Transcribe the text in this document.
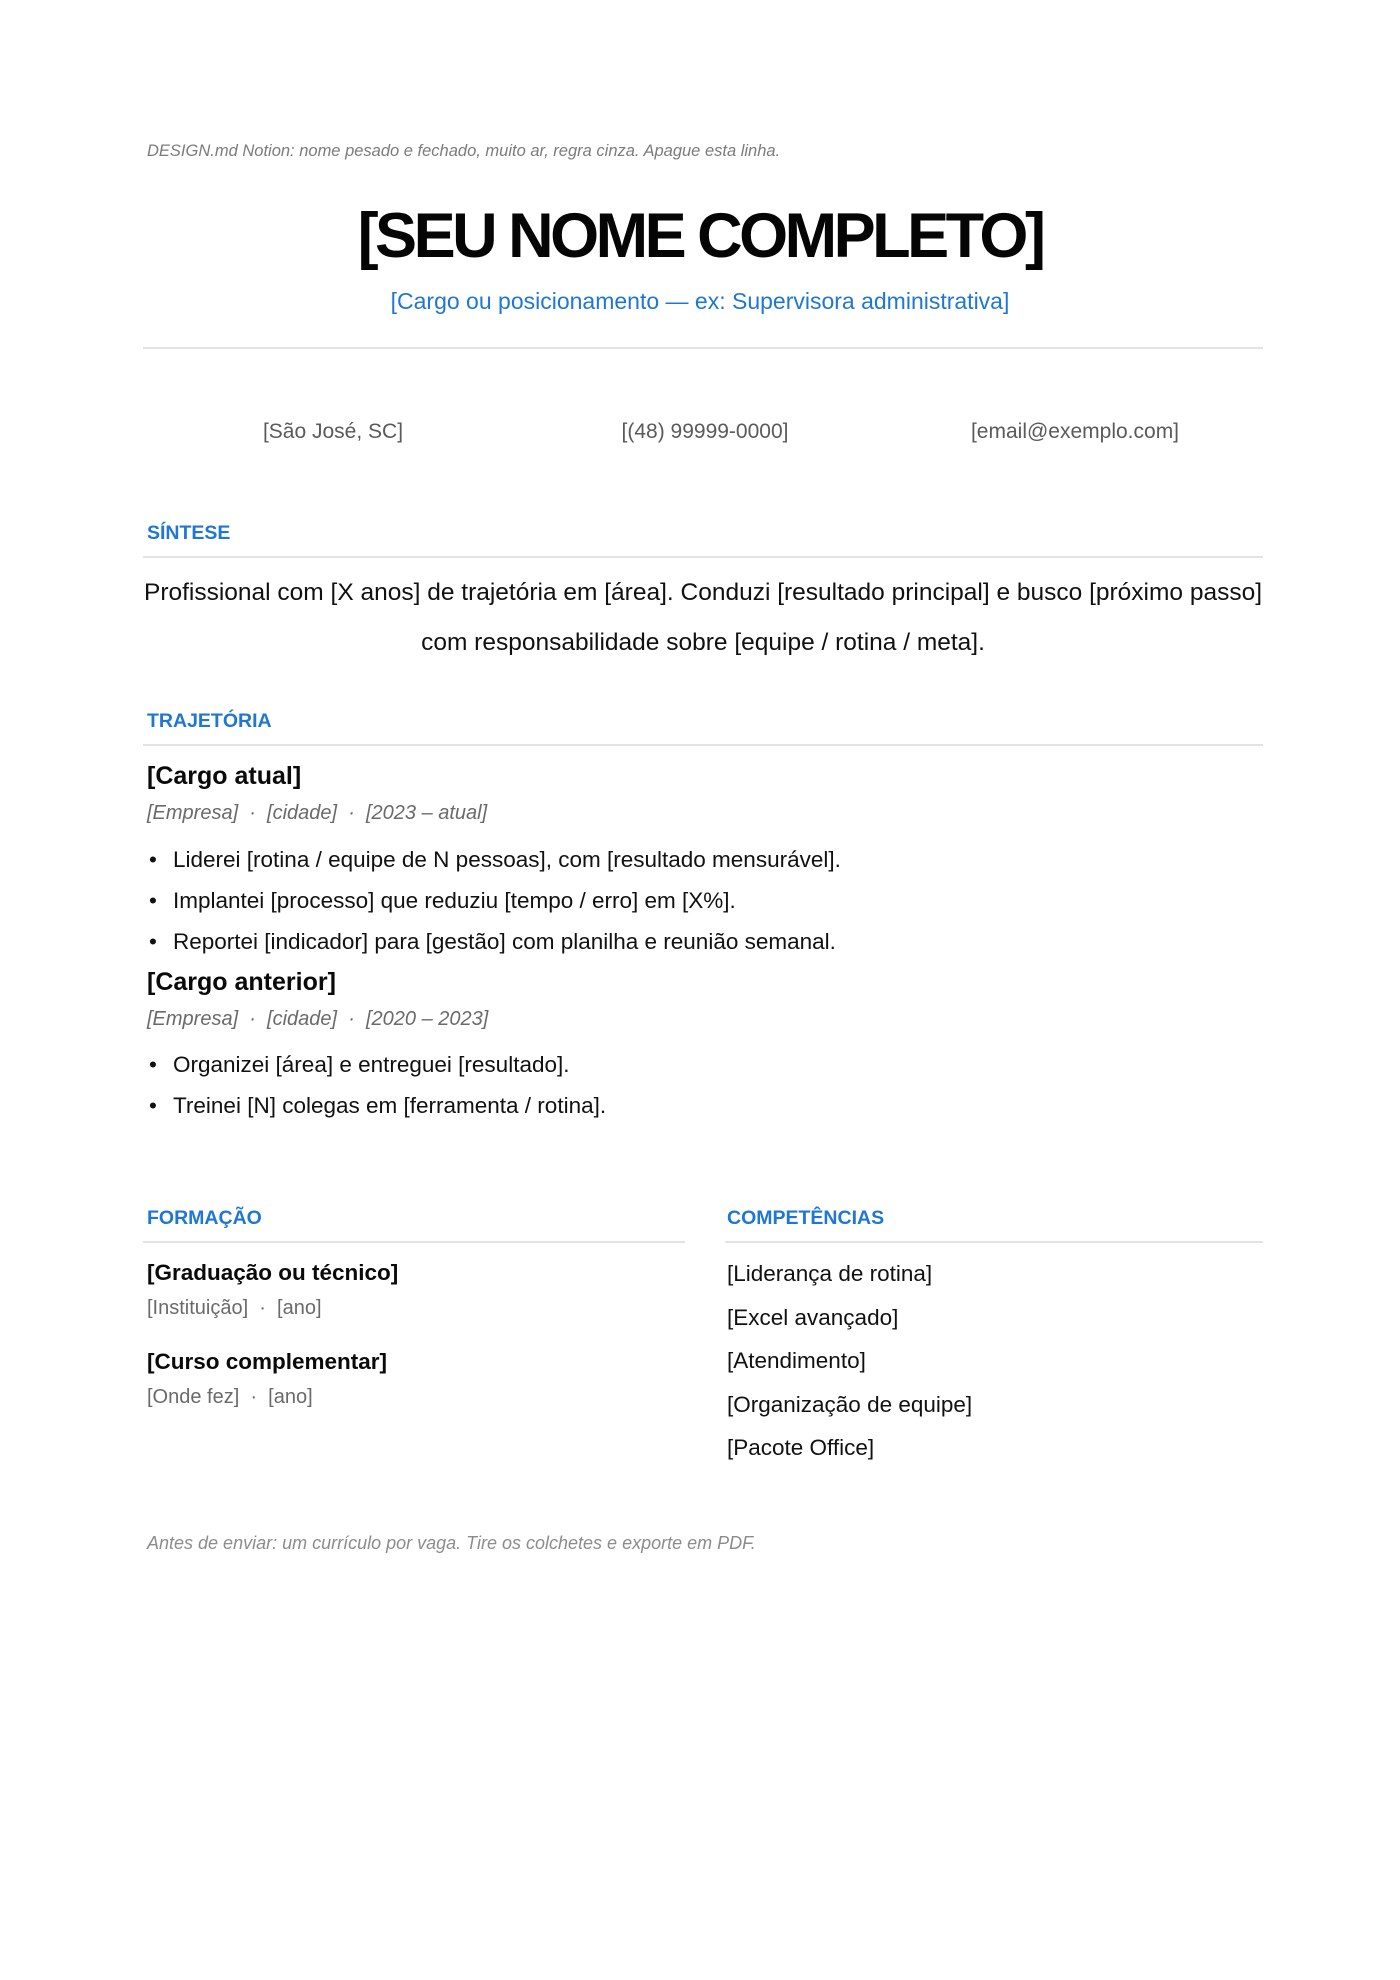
DESIGN.md Notion: nome pesado e fechado, muito ar, regra cinza. Apague esta linha.
[SEU NOME COMPLETO]
[Cargo ou posicionamento — ex: Supervisora administrativa]
[São José, SC]	[(48) 99999-0000]	[email@exemplo.com]
SÍNTESE
Profissional com [X anos] de trajetória em [área]. Conduzi [resultado principal] e busco [próximo passo] com responsabilidade sobre [equipe / rotina / meta].
TRAJETÓRIA
[Cargo atual]
[Empresa]  ·  [cidade]  ·  [2023 – atual]
• Liderei [rotina / equipe de N pessoas], com [resultado mensurável].
• Implantei [processo] que reduziu [tempo / erro] em [X%].
• Reportei [indicador] para [gestão] com planilha e reunião semanal.
[Cargo anterior]
[Empresa]  ·  [cidade]  ·  [2020 – 2023]
• Organizei [área] e entreguei [resultado].
• Treinei [N] colegas em [ferramenta / rotina].
FORMAÇÃO
[Graduação ou técnico]
[Instituição]  ·  [ano]
[Curso complementar]
[Onde fez]  ·  [ano]
COMPETÊNCIAS
[Liderança de rotina]
[Excel avançado]
[Atendimento]
[Organização de equipe]
[Pacote Office]
Antes de enviar: um currículo por vaga. Tire os colchetes e exporte em PDF.
